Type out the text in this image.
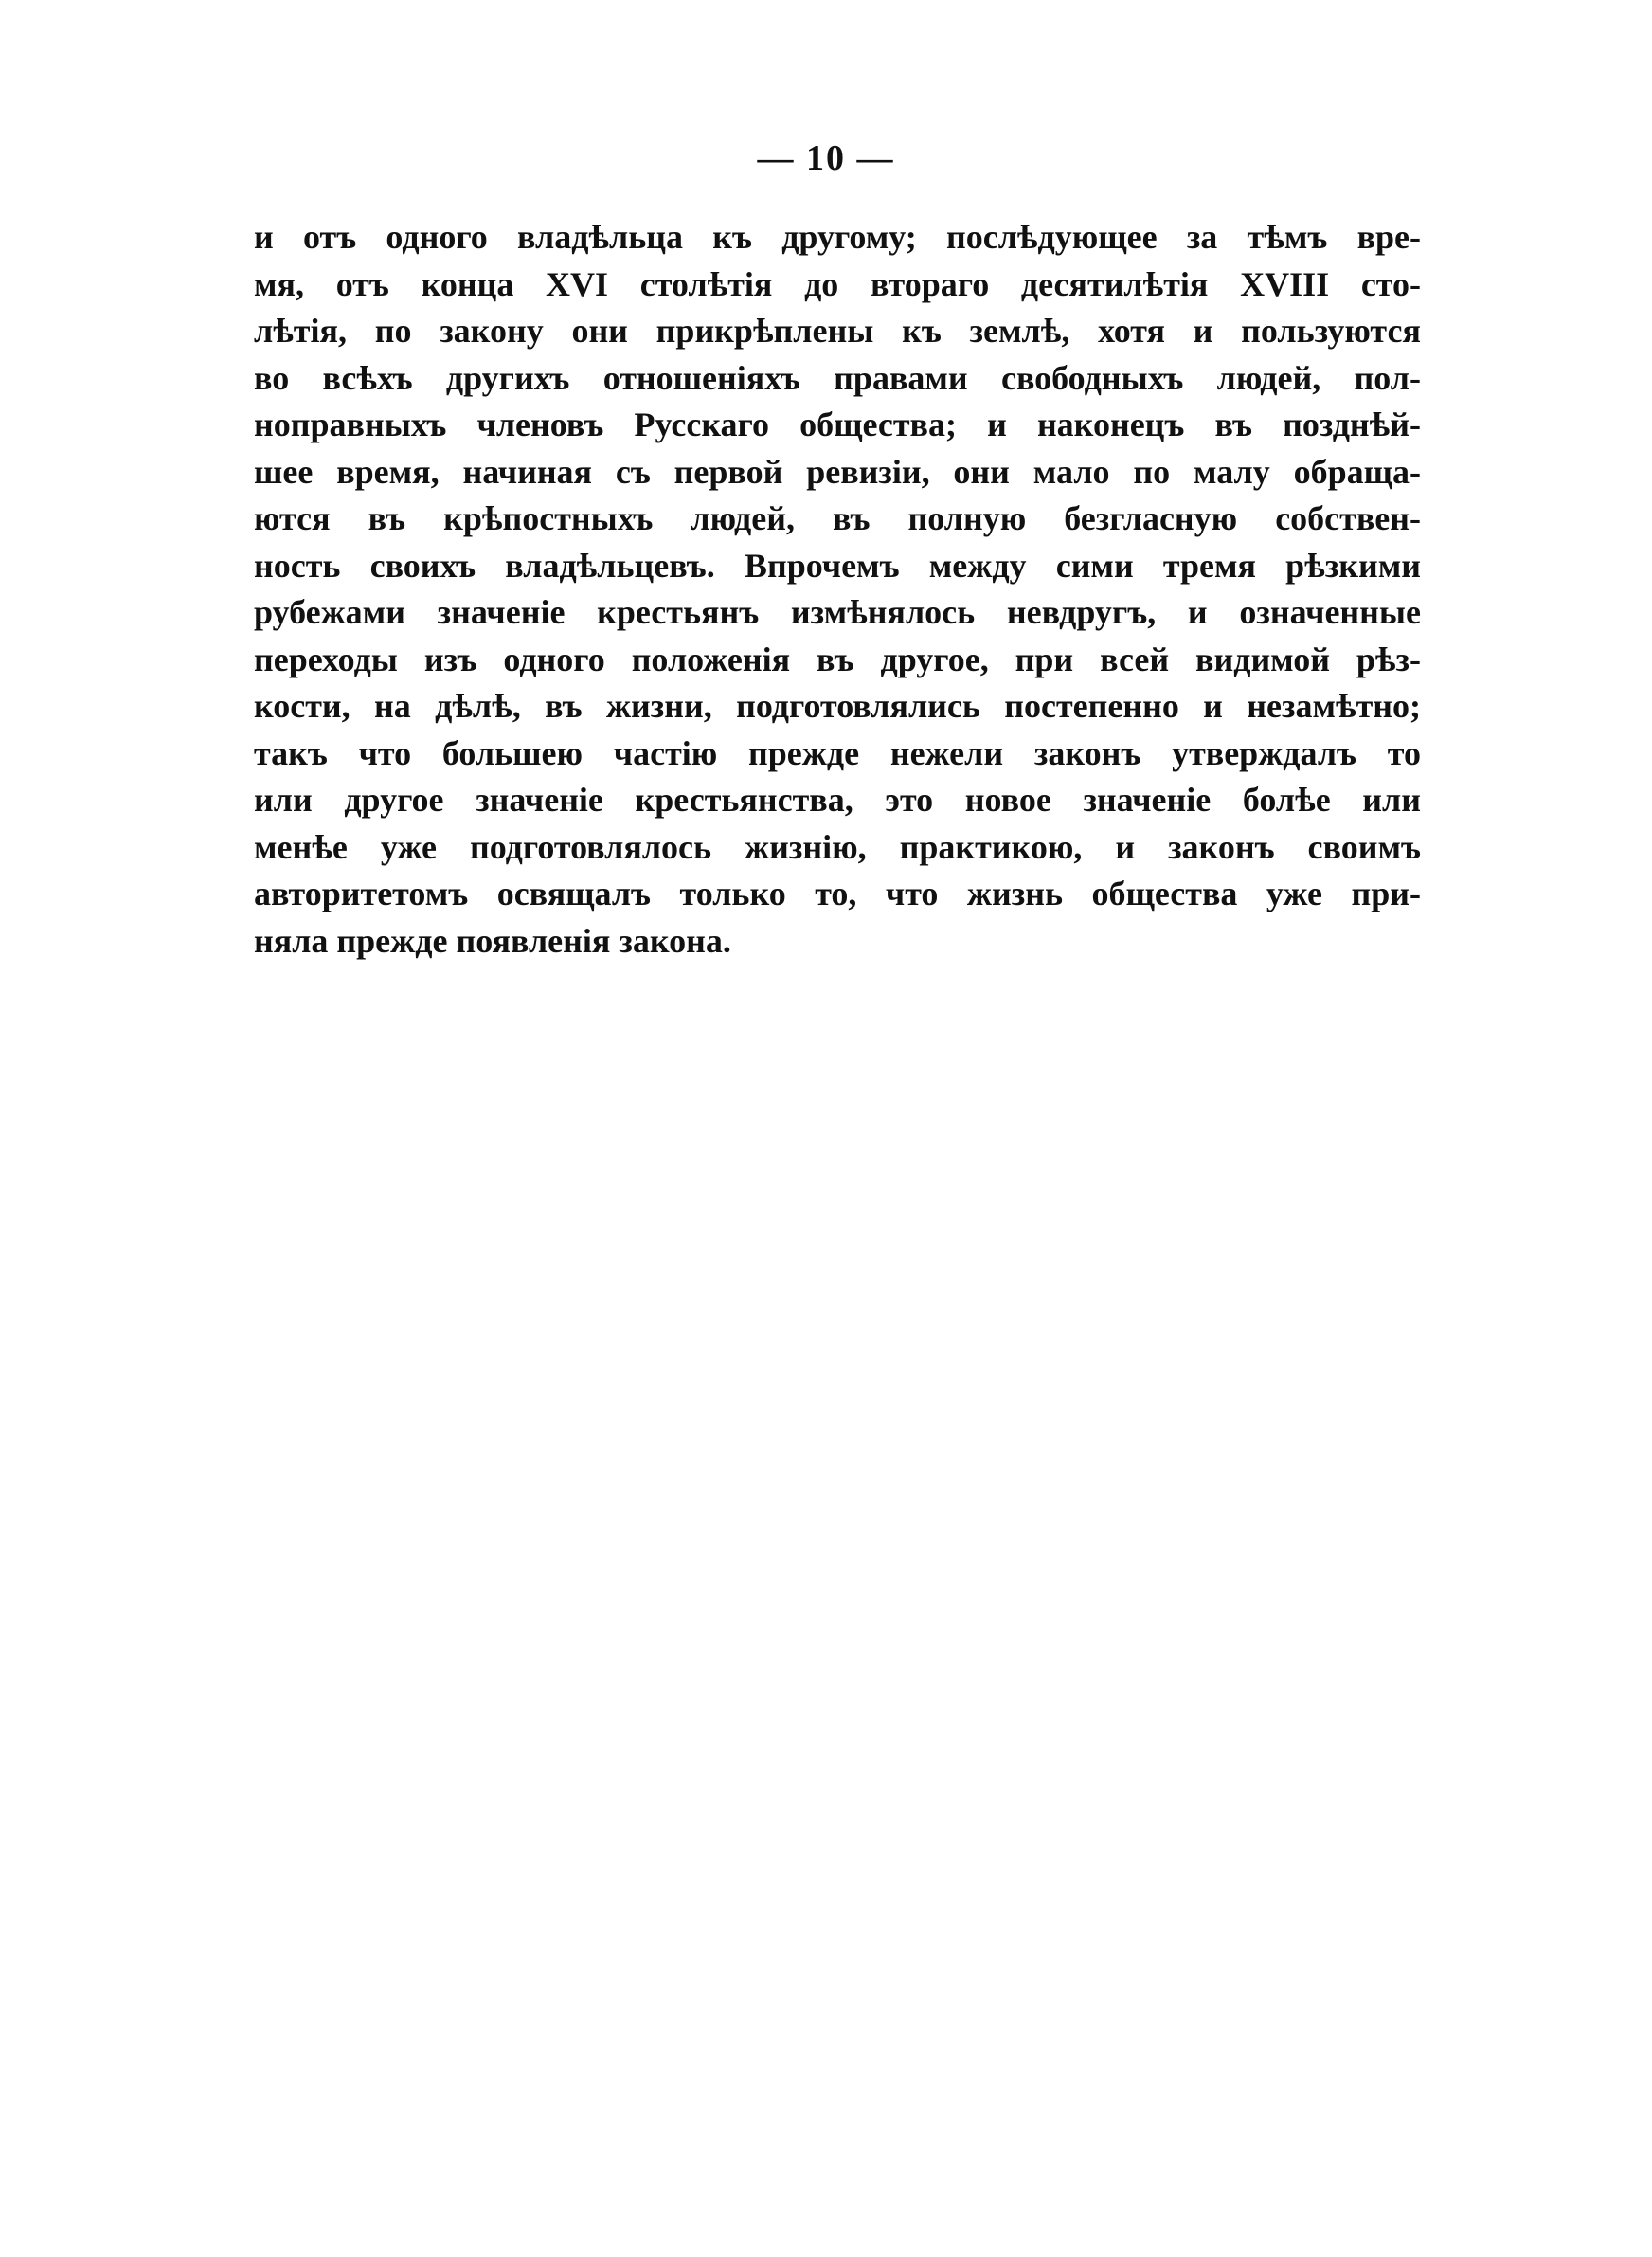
— 10 —
и отъ одного владѣльца къ другому; послѣдующее за тѣмъ вре-
мя, отъ конца XVI столѣтія до втораго десятилѣтія XVIII сто-
лѣтія, по закону они прикрѣплены къ землѣ, хотя и пользуются
во всѣхъ другихъ отношеніяхъ правами свободныхъ людей, пол-
ноправныхъ членовъ Русскаго общества; и наконецъ въ позднѣй-
шее время, начиная съ первой ревизіи, они мало по малу обраща-
ются въ крѣпостныхъ людей, въ полную безгласную собствен-
ность своихъ владѣльцевъ. Впрочемъ между сими тремя рѣзкими
рубежами значеніе крестьянъ измѣнялось невдругъ, и означенные
переходы изъ одного положенія въ другое, при всей видимой рѣз-
кости, на дѣлѣ, въ жизни, подготовлялись постепенно и незамѣтно;
такъ что большею частію прежде нежели законъ утверждалъ то
или другое значеніе крестьянства, это новое значеніе болѣе или
менѣе уже подготовлялось жизнію, практикою, и законъ своимъ
авторитетомъ освящалъ только то, что жизнь общества уже при-
няла прежде появленія закона.
